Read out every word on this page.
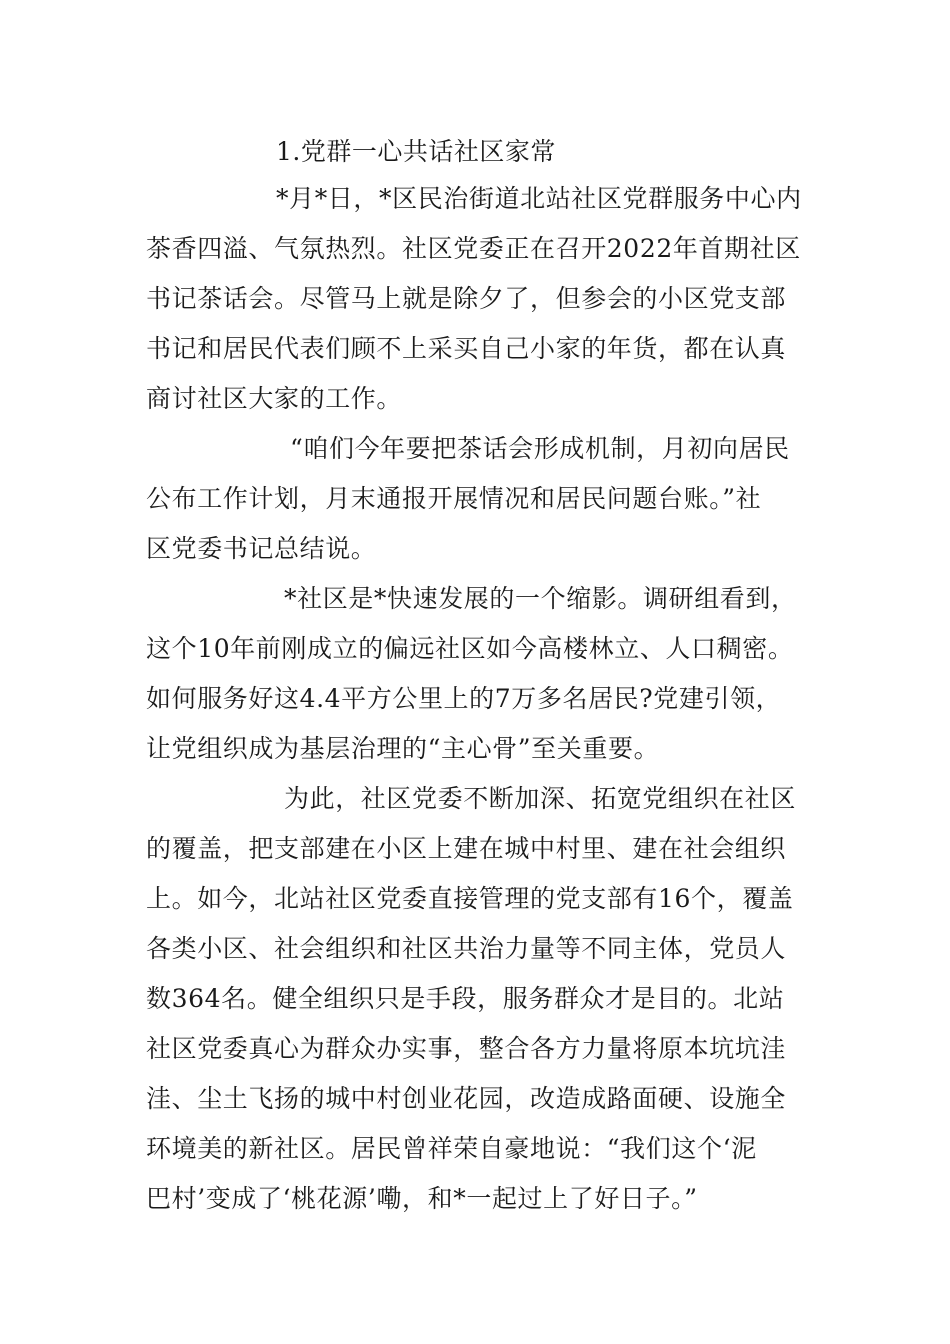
1.党群一心共话社区家常
*月*日，*区民治街道北站社区党群服务中心内
茶香四溢、气氛热烈。社区党委正在召开2022年首期社区
书记茶话会。尽管马上就是除夕了，但参会的小区党支部
书记和居民代表们顾不上采买自己小家的年货，都在认真
商讨社区大家的工作。
“咱们今年要把茶话会形成机制，月初向居民
公布工作计划，月末通报开展情况和居民问题台账。”社
区党委书记总结说。
*社区是*快速发展的一个缩影。调研组看到，
这个10年前刚成立的偏远社区如今高楼林立、人口稠密。
如何服务好这4.4平方公里上的7万多名居民?党建引领，
让党组织成为基层治理的“主心骨”至关重要。
为此，社区党委不断加深、拓宽党组织在社区
的覆盖，把支部建在小区上建在城中村里、建在社会组织
上。如今，北站社区党委直接管理的党支部有16个，覆盖
各类小区、社会组织和社区共治力量等不同主体，党员人
数364名。健全组织只是手段，服务群众才是目的。北站
社区党委真心为群众办实事，整合各方力量将原本坑坑洼
洼、尘土飞扬的城中村创业花园，改造成路面硬、设施全
环境美的新社区。居民曾祥荣自豪地说：“我们这个‘泥
巴村’变成了‘桃花源’嘞，和*一起过上了好日子。”
